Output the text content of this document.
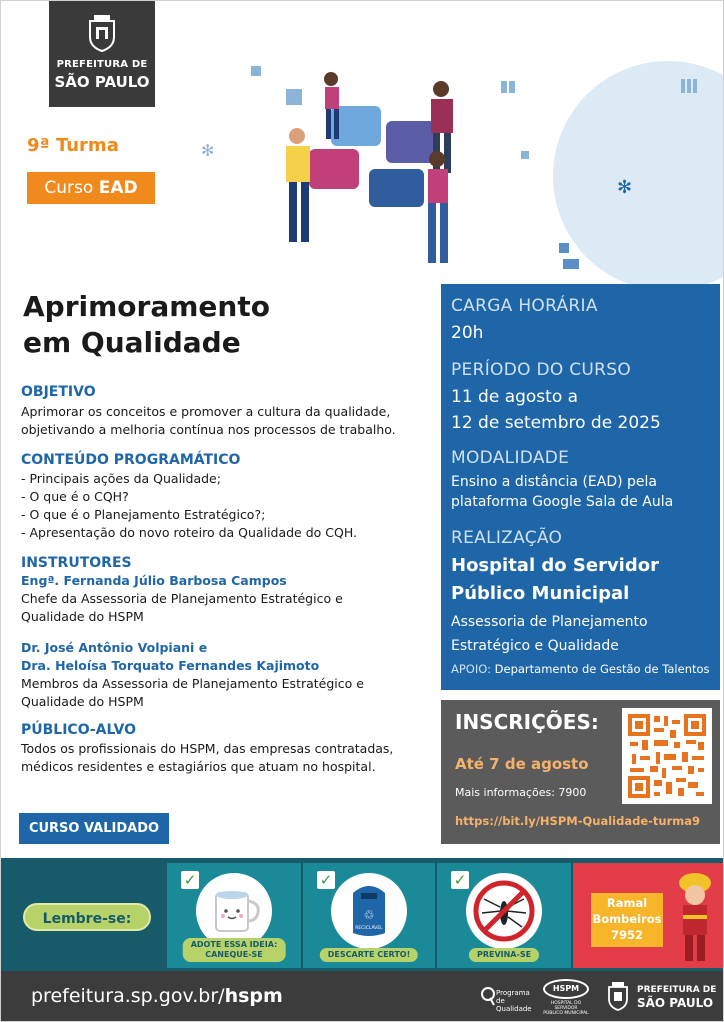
PREFEITURA DE
SÃO PAULO
9ª Turma
Curso EAD
✻
✻
Aprimoramento
em Qualidade
OBJETIVO
Aprimorar os conceitos e promover a cultura da qualidade,
objetivando a melhoria contínua nos processos de trabalho.
CONTEÚDO PROGRAMÁTICO
- Principais ações da Qualidade;
- O que é o CQH?
- O que é o Planejamento Estratégico?;
- Apresentação do novo roteiro da Qualidade do CQH.
INSTRUTORES
Engª. Fernanda Júlio Barbosa Campos
Chefe da Assessoria de Planejamento Estratégico e
Qualidade do HSPM
Dr. José Antônio Volpiani e
Dra. Heloísa Torquato Fernandes Kajimoto
Membros da Assessoria de Planejamento Estratégico e
Qualidade do HSPM
PÚBLICO-ALVO
Todos os profissionais do HSPM, das empresas contratadas,
médicos residentes e estagiários que atuam no hospital.
CURSO VALIDADO
CARGA HORÁRIA
20h
PERÍODO DO CURSO
11 de agosto a
12 de setembro de 2025
MODALIDADE
Ensino a distância (EAD) pela
plataforma Google Sala de Aula
REALIZAÇÃO
Hospital do Servidor
Público Municipal
Assessoria de Planejamento
Estratégico e Qualidade
APOIO: Departamento de Gestão de Talentos
INSCRIÇÕES:
Até 7 de agosto
Mais informações: 7900
https://bit.ly/HSPM-Qualidade-turma9
Lembre-se:
✓
ADOTE ESSA IDEIA:
CANEQUE-SE
✓
♲
RECICLÁVEL
DESCARTE CERTO!
✓
PREVINA-SE
Ramal
Bombeiros
7952
prefeitura.sp.gov.br/hspm	Programa de
Qualidade
HSPM
HOSPITAL DO SERVIDOR
PÚBLICO MUNICIPAL
PREFEITURA DE
SÃO PAULO
